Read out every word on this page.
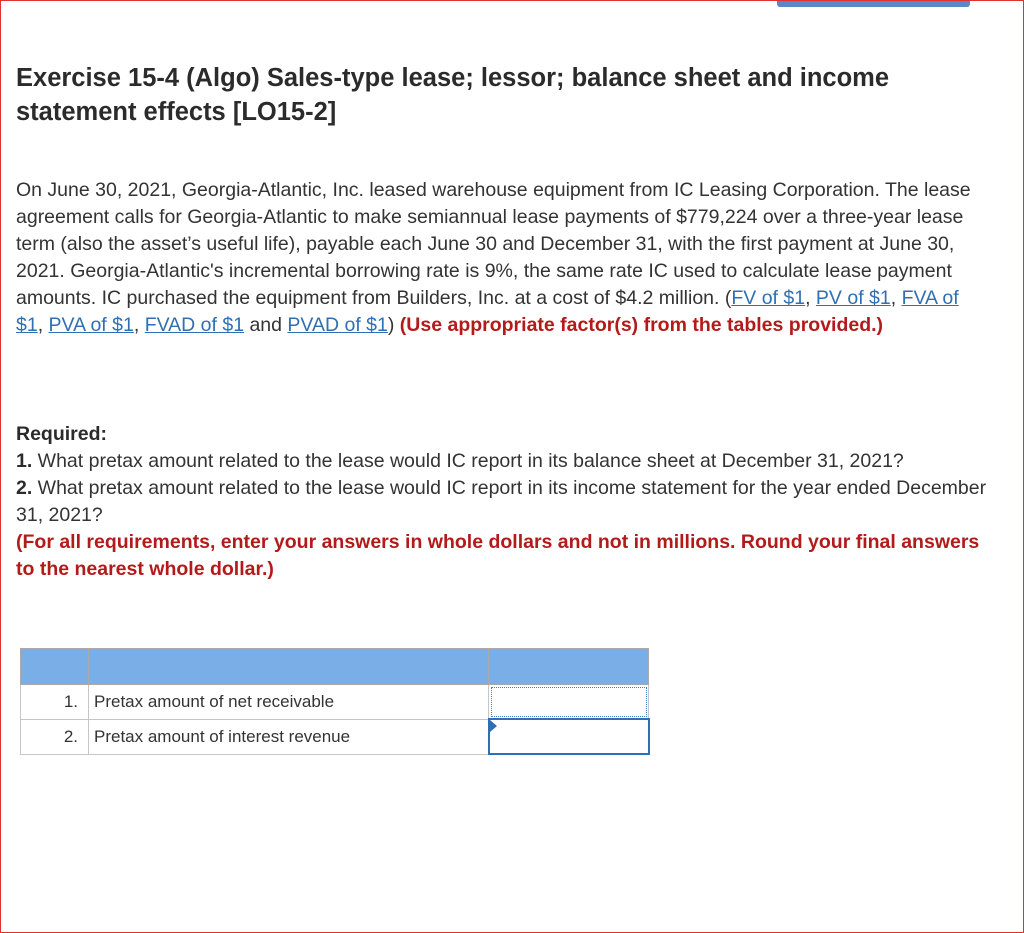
Exercise 15-4 (Algo) Sales-type lease; lessor; balance sheet and income statement effects [LO15-2]

On June 30, 2021, Georgia-Atlantic, Inc. leased warehouse equipment from IC Leasing Corporation. The lease agreement calls for Georgia-Atlantic to make semiannual lease payments of $779,224 over a three-year lease term (also the asset’s useful life), payable each June 30 and December 31, with the first payment at June 30, 2021. Georgia-Atlantic's incremental borrowing rate is 9%, the same rate IC used to calculate lease payment amounts. IC purchased the equipment from Builders, Inc. at a cost of $4.2 million. (FV of $1, PV of $1, FVA of $1, PVA of $1, FVAD of $1 and PVAD of $1) (Use appropriate factor(s) from the tables provided.)

Required:

1. What pretax amount related to the lease would IC report in its balance sheet at December 31, 2021?

2. What pretax amount related to the lease would IC report in its income statement for the year ended December 31, 2021?

(For all requirements, enter your answers in whole dollars and not in millions. Round your final answers to the nearest whole dollar.)

1.	Pretax amount of net receivable	
2.	Pretax amount of interest revenue	
